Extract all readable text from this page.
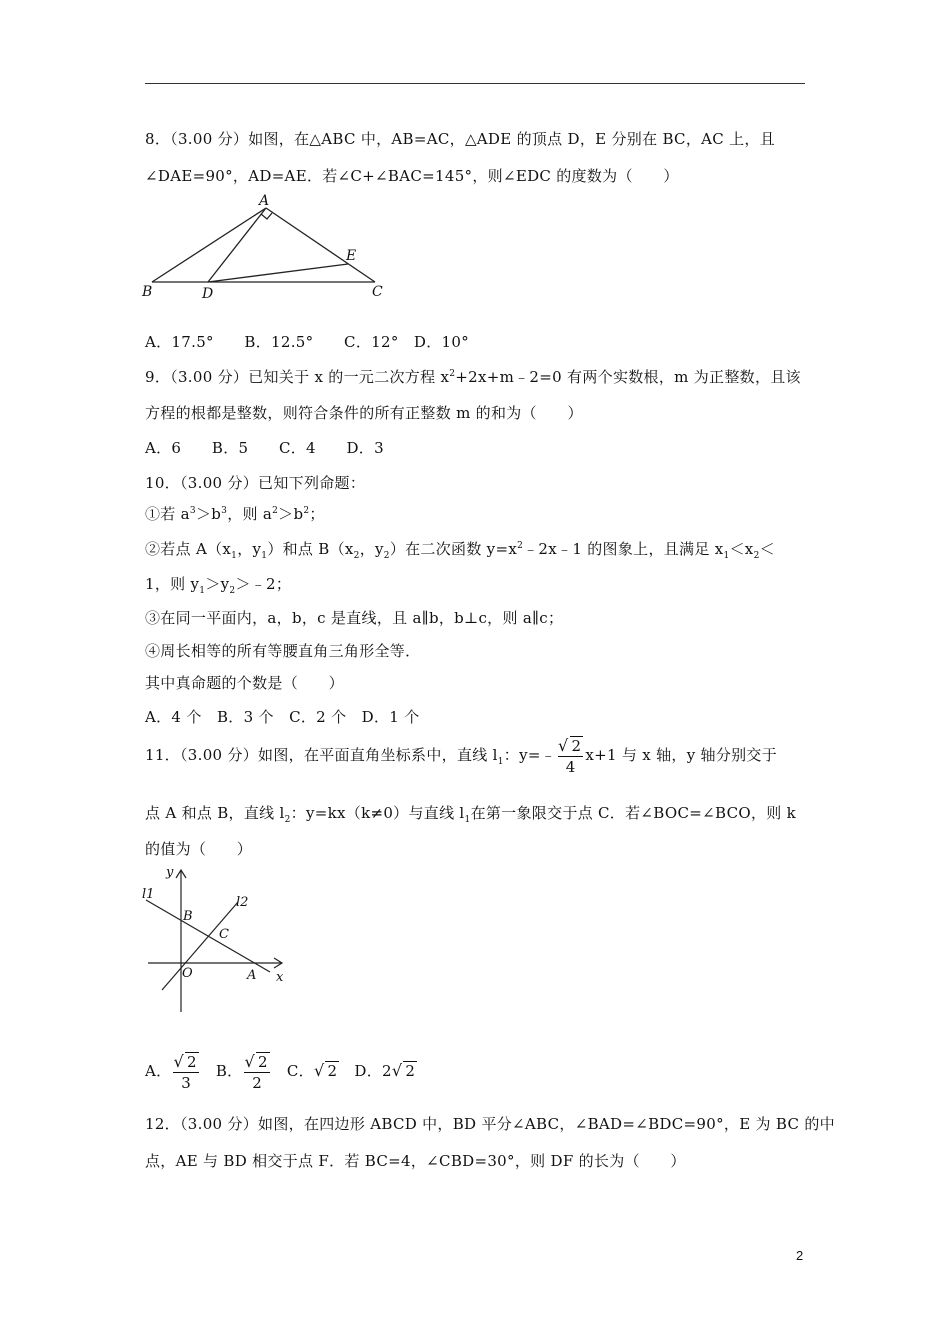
8．（3.00 分）如图，在△ABC 中，AB=AC，△ADE 的顶点 D，E 分别在 BC，AC 上，且
∠DAE=90°，AD=AE．若∠C+∠BAC=145°，则∠EDC 的度数为（　　）
A
B	D	C
E
A．17.5°　　B．12.5°　　C．12°　D．10°
9．（3.00 分）已知关于 x 的一元二次方程 $x^2+2x+m﹣2=0$ 有两个实数根，m 为正整数，且该
方程的根都是整数，则符合条件的所有正整数 m 的和为（　　）
A．6　　B．5　　C．4　　D．3
10．（3.00 分）已知下列命题：
①若 $a^3>b^3$，则 $a^2>b^2$；
②若点 $A(x_1$，$y_1$）和点 $B(x_2$，$y_2$）在二次函数 $y=x^2﹣2x﹣1$ 的图象上，且满足 $x_1<x_2<$
1，则 $y_1>y_2>﹣2$；
③在同一平面内，a，b，c 是直线，且 a∥b，b⊥c，则 a∥c；
④周长相等的所有等腰直角三角形全等．
其中真命题的个数是（　　）
A．4 个　B．3 个　C．2 个　D．1 个
11．（3.00 分）如图，在平面直角坐标系中，直线 $l_1$：y=﹣ $\frac{√ 2}{4} x+1$ 与 x 轴，y 轴分别交于
点 A 和点 B，直线 $l_2$：y=kx（k≠0）与直线 $l_1$在第一象限交于点 C．若∠BOC=∠BCO，则 k
的值为（　　）
y
x
l1
l2
B
C
O	A
A． $\frac{√ 2}{3}$ B． $\frac{√ 2}{2}$ C．√ 2 D．2√ 2
12．（3.00 分）如图，在四边形 ABCD 中，BD 平分∠ABC，∠BAD=∠BDC=90°，E 为 BC 的中
点，AE 与 BD 相交于点 F．若 BC=4，∠CBD=30°，则 DF 的长为（　　）
2
